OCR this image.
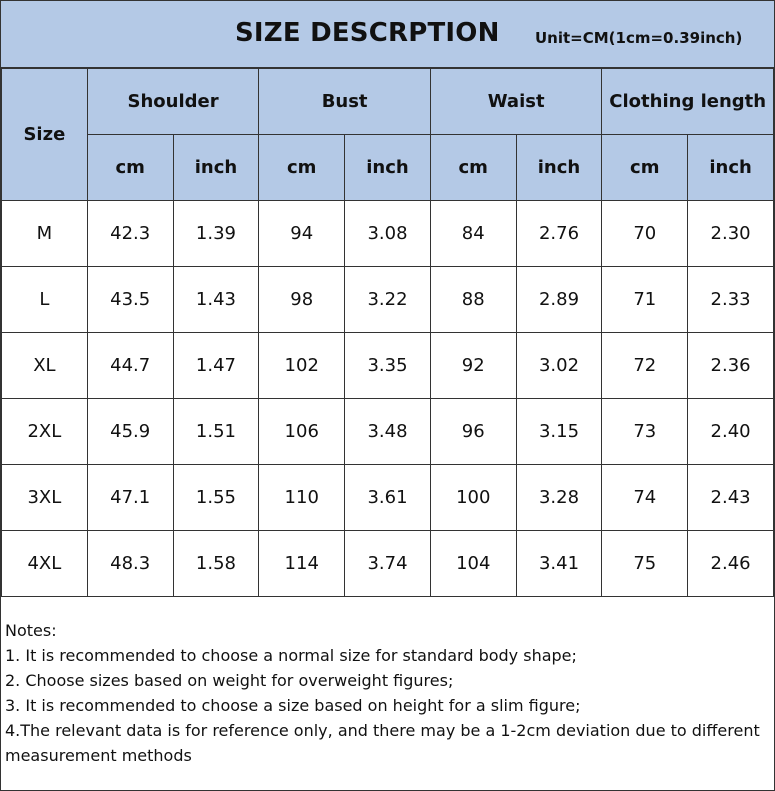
SIZE DESCRPTION Unit=CM(1cm=0.39inch)
Size	Shoulder		Bust		Waist		Clothing length	
	cm	inch	cm	inch	cm	inch	cm	inch
M	42.3	1.39	94	3.08	84	2.76	70	2.30
L	43.5	1.43	98	3.22	88	2.89	71	2.33
XL	44.7	1.47	102	3.35	92	3.02	72	2.36
2XL	45.9	1.51	106	3.48	96	3.15	73	2.40
3XL	47.1	1.55	110	3.61	100	3.28	74	2.43
4XL	48.3	1.58	114	3.74	104	3.41	75	2.46
Notes:
1. It is recommended to choose a normal size for standard body shape;
2. Choose sizes based on weight for overweight figures;
3. It is recommended to choose a size based on height for a slim figure;
4.The relevant data is for reference only, and there may be a 1-2cm deviation due to different measurement methods
